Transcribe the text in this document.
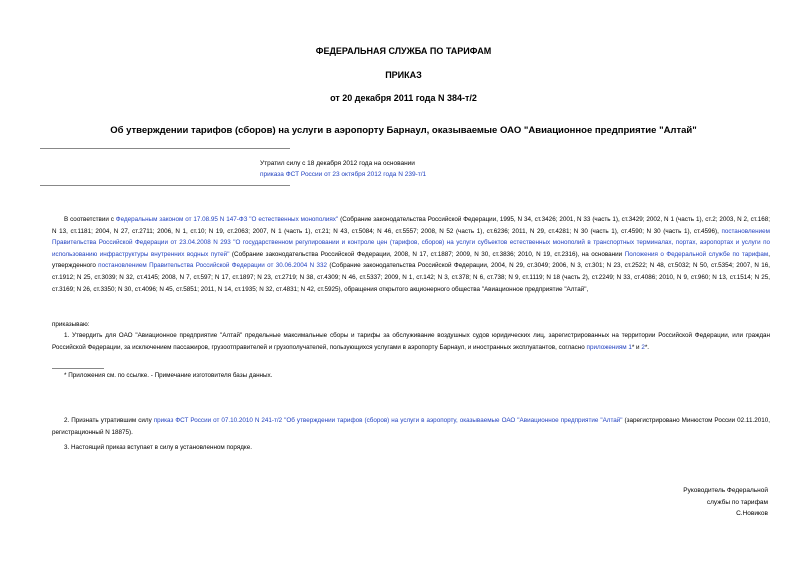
ФЕДЕРАЛЬНАЯ СЛУЖБА ПО ТАРИФАМ
ПРИКАЗ
от 20 декабря 2011 года N 384-т/2
Об утверждении тарифов (сборов) на услуги в аэропорту Барнаул, оказываемые ОАО "Авиационное предприятие "Алтай"
Утратил силу с 18 декабря 2012 года на основании
приказа ФСТ России от 23 октября 2012 года N 239-т/1
В соответствии с Федеральным законом от 17.08.95 N 147-ФЗ "О естественных монополиях" (Собрание законодательства Российской Федерации, 1995, N 34, ст.3426; 2001, N 33 (часть 1), ст.3429; 2002, N 1 (часть 1), ст.2; 2003, N 2, ст.168; N 13, ст.1181; 2004, N 27, ст.2711; 2006, N 1, ст.10; N 19, ст.2063; 2007, N 1 (часть 1), ст.21; N 43, ст.5084; N 46, ст.5557; 2008, N 52 (часть 1), ст.6236; 2011, N 29, ст.4281; N 30 (часть 1), ст.4590; N 30 (часть 1), ст.4596), постановлением Правительства Российской Федерации от 23.04.2008 N 293 "О государственном регулировании и контроле цен (тарифов, сборов) на услуги субъектов естественных монополий в транспортных терминалах, портах, аэропортах и услуги по использованию инфраструктуры внутренних водных путей" (Собрание законодательства Российской Федерации, 2008, N 17, ст.1887; 2009, N 30, ст.3836; 2010, N 19, ст.2316), на основании Положения о Федеральной службе по тарифам, утвержденного постановлением Правительства Российской Федерации от 30.06.2004 N 332 (Собрание законодательства Российской Федерации, 2004, N 29, ст.3049; 2006, N 3, ст.301; N 23, ст.2522; N 48, ст.5032; N 50, ст.5354; 2007, N 16, ст.1912; N 25, ст.3039; N 32, ст.4145; 2008, N 7, ст.597; N 17, ст.1897; N 23, ст.2719; N 38, ст.4309; N 46, ст.5337; 2009, N 1, ст.142; N 3, ст.378; N 6, ст.738; N 9, ст.1119; N 18 (часть 2), ст.2249; N 33, ст.4086; 2010, N 9, ст.960; N 13, ст.1514; N 25, ст.3169; N 26, ст.3350; N 30, ст.4096; N 45, ст.5851; 2011, N 14, ст.1935; N 32, ст.4831; N 42, ст.5925), обращения открытого акционерного общества "Авиационное предприятие "Алтай",
приказываю:
1. Утвердить для ОАО "Авиационное предприятие "Алтай" предельные максимальные сборы и тарифы за обслуживание воздушных судов юридических лиц, зарегистрированных на территории Российской Федерации, или граждан Российской Федерации, за исключением пассажиров, грузоотправителей и грузополучателей, пользующихся услугами в аэропорту Барнаул, и иностранных эксплуатантов, согласно приложениям 1* и 2*.
* Приложения см. по ссылке. - Примечание изготовителя базы данных.
2. Признать утратившим силу приказ ФСТ России от 07.10.2010 N 241-т/2 "Об утверждении тарифов (сборов) на услуги в аэропорту, оказываемые ОАО "Авиационное предприятие "Алтай" (зарегистрировано Минюстом России 02.11.2010, регистрационный N 18875).
3. Настоящий приказ вступает в силу в установленном порядке.
Руководитель Федеральной
службы по тарифам
С.Новиков
